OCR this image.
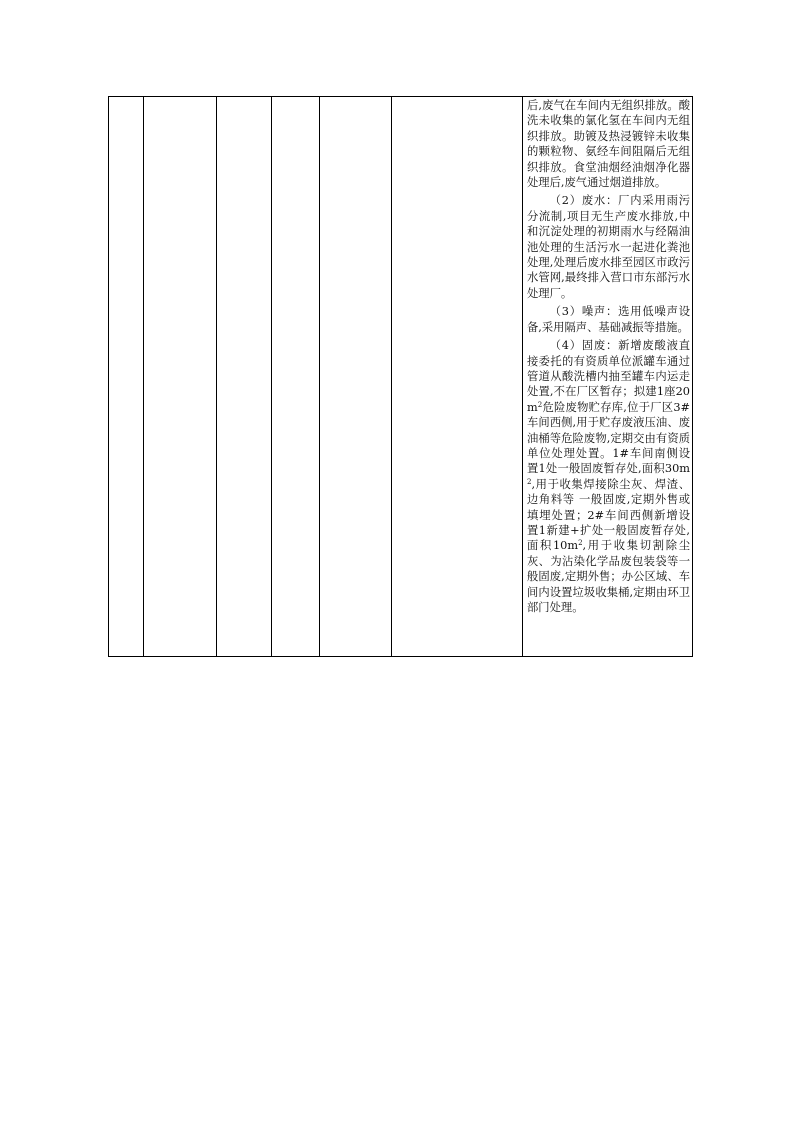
后,废气在车间内无组织排放。酸洗未收集的氯化氢在车间内无组织排放。助镀及热浸镀锌未收集的颗粒物、氨经车间阻隔后无组织排放。食堂油烟经油烟净化器处理后,废气通过烟道排放。

（2）废水：厂内采用雨污分流制,项目无生产废水排放,中和沉淀处理的初期雨水与经隔油池处理的生活污水一起进化粪池处理,处理后废水排至园区市政污水管网,最终排入营口市东部污水处理厂。

（3）噪声：选用低噪声设备,采用隔声、基础减振等措施。

（4）固废：新增废酸液直接委托的有资质单位派罐车通过管道从酸洗槽内抽至罐车内运走处置,不在厂区暂存；拟建1座$20m^2$危险废物贮存库,位于厂区3#车间西侧,用于贮存废液压油、废油桶等危险废物,定期交由有资质单位处理处置。1#车间南侧设置1处一般固废暂存处,面积$30m^2$,用于收集焊接除尘灰、焊渣、边角料等 一般固废,定期外售或填埋处置；2#车间西侧新增设置1新建+扩处一般固废暂存处,面积$10m^2$,用于收集切割除尘灰、为沾染化学品废包装袋等一般固废,定期外售；办公区域、车间内设置垃圾收集桶,定期由环卫部门处理。
